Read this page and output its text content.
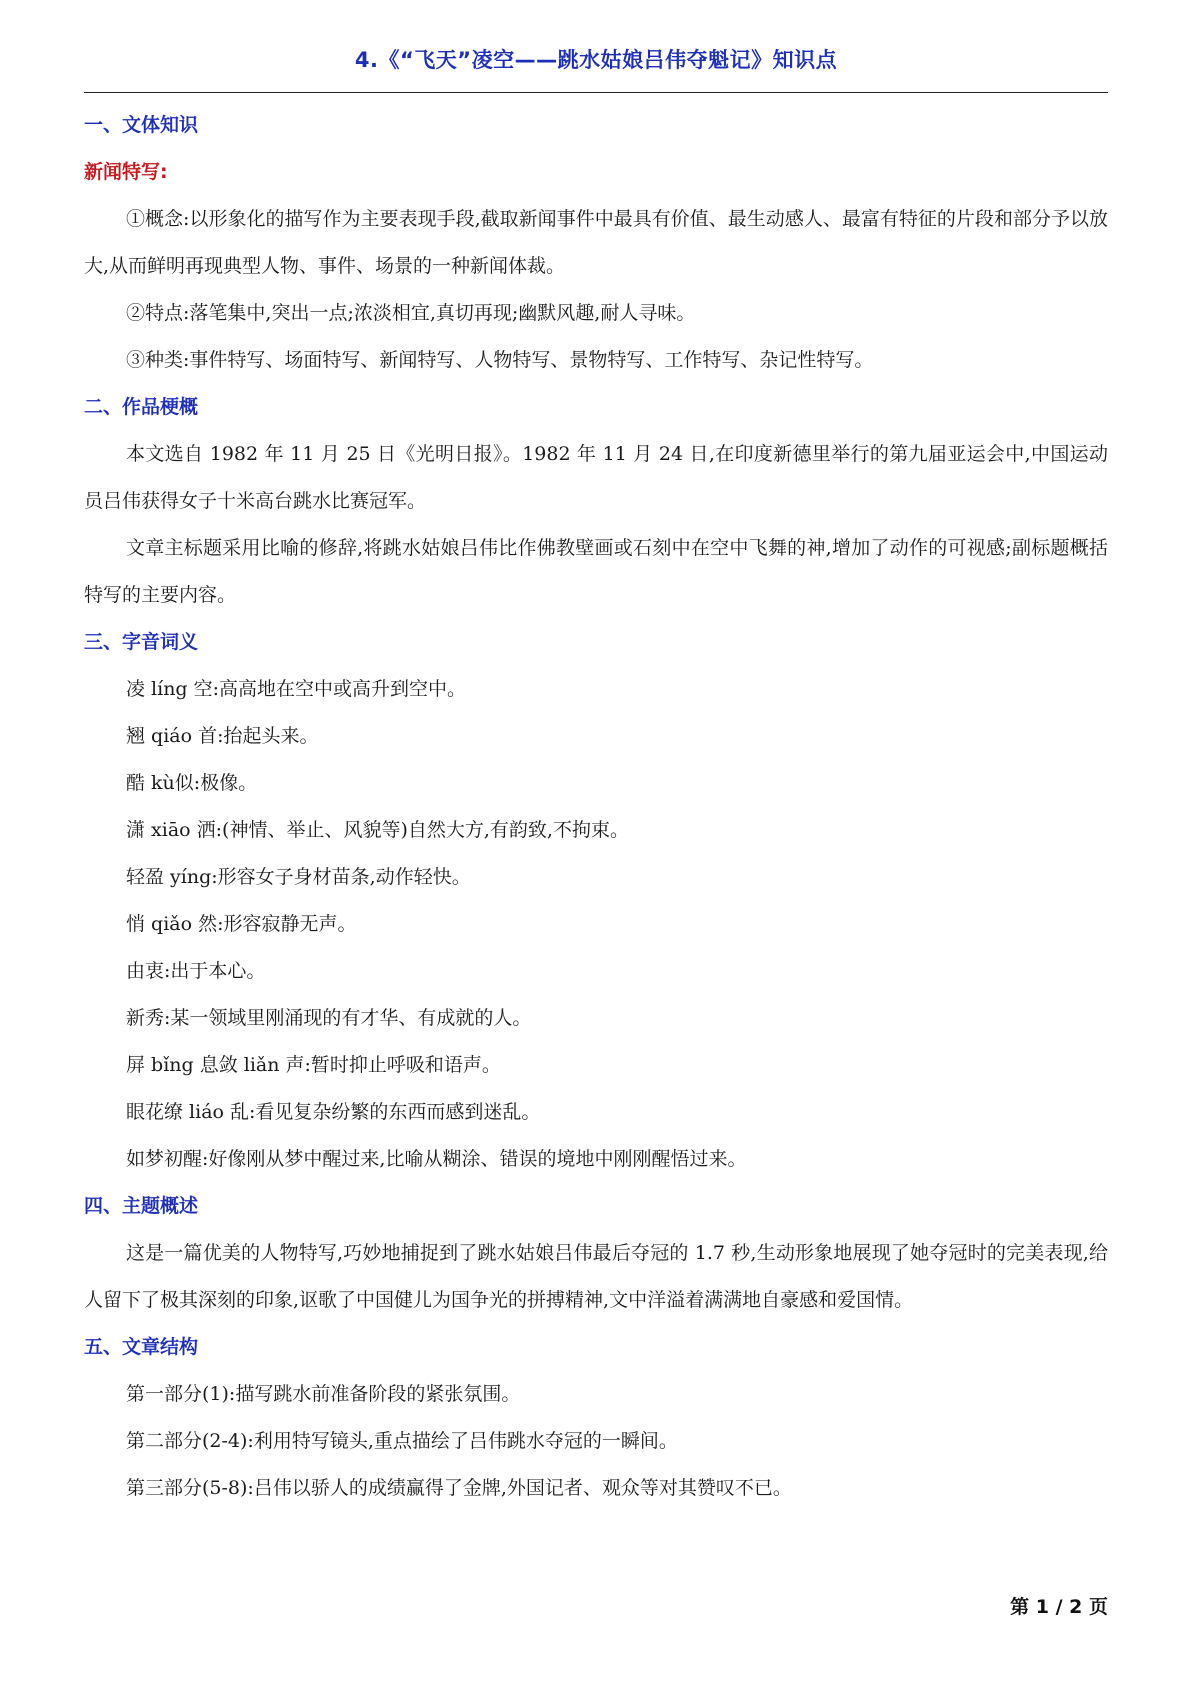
4.《“飞天”凌空——跳水姑娘吕伟夺魁记》知识点
一、文体知识
新闻特写:

①概念:以形象化的描写作为主要表现手段,截取新闻事件中最具有价值、最生动感人、最富有特征的片段和部分予以放大,从而鲜明再现典型人物、事件、场景的一种新闻体裁。

②特点:落笔集中,突出一点;浓淡相宜,真切再现;幽默风趣,耐人寻味。

③种类:事件特写、场面特写、新闻特写、人物特写、景物特写、工作特写、杂记性特写。

二、作品梗概

本文选自 1982 年 11 月 25 日《光明日报》。1982 年 11 月 24 日,在印度新德里举行的第九届亚运会中,中国运动员吕伟获得女子十米高台跳水比赛冠军。

文章主标题采用比喻的修辞,将跳水姑娘吕伟比作佛教壁画或石刻中在空中飞舞的神,增加了动作的可视感;副标题概括特写的主要内容。

三、字音词义

凌 líng 空:高高地在空中或高升到空中。

翘 qiáo 首:抬起头来。

酷 kù似:极像。

潇 xiāo 洒:(神情、举止、风貌等)自然大方,有韵致,不拘束。

轻盈 yíng:形容女子身材苗条,动作轻快。

悄 qiǎo 然:形容寂静无声。

由衷:出于本心。

新秀:某一领域里刚涌现的有才华、有成就的人。

屏 bǐng 息敛 liǎn 声:暂时抑止呼吸和语声。

眼花缭 liáo 乱:看见复杂纷繁的东西而感到迷乱。

如梦初醒:好像刚从梦中醒过来,比喻从糊涂、错误的境地中刚刚醒悟过来。

四、主题概述

这是一篇优美的人物特写,巧妙地捕捉到了跳水姑娘吕伟最后夺冠的 1.7 秒,生动形象地展现了她夺冠时的完美表现,给人留下了极其深刻的印象,讴歌了中国健儿为国争光的拼搏精神,文中洋溢着满满地自豪感和爱国情。

五、文章结构

第一部分(1):描写跳水前准备阶段的紧张氛围。

第二部分(2-4):利用特写镜头,重点描绘了吕伟跳水夺冠的一瞬间。

第三部分(5-8):吕伟以骄人的成绩赢得了金牌,外国记者、观众等对其赞叹不已。

第 1 / 2 页
